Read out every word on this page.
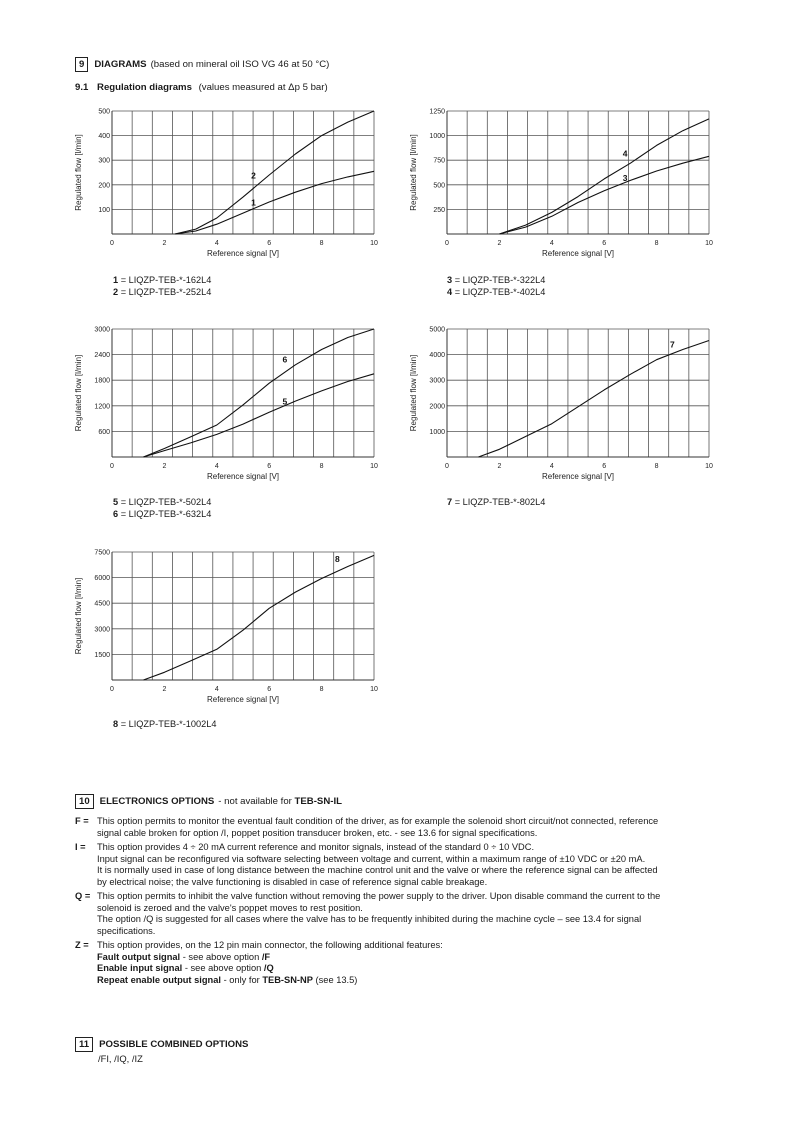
9	DIAGRAMS (based on mineral oil ISO VG 46 at 50 °C)
9.1 Regulation diagrams (values measured at Δp 5 bar)
100
200
300
400
500
0	2	4	6	8	10
Reference signal [V]
Regulated flow [l/min]	1
2
250
500
750
1000
1250
0	2	4	6	8	10
Reference signal [V]
Regulated flow [l/min]	3
4
600
1200
1800
2400
3000
0	2	4	6	8	10
Reference signal [V]
Regulated flow [l/min]	5
6
1000
2000
3000
4000
5000
0	2	4	6	8	10
Reference signal [V]
Regulated flow [l/min]
7
1500
3000
4500
6000
7500
0	2	4	6	8	10
Reference signal [V]
Regulated flow [l/min]
8
1 = LIQZP-TEB-*-162L4
2 = LIQZP-TEB-*-252L4
3 = LIQZP-TEB-*-322L4
4 = LIQZP-TEB-*-402L4
5 = LIQZP-TEB-*-502L4
6 = LIQZP-TEB-*-632L4
7 = LIQZP-TEB-*-802L4
8 = LIQZP-TEB-*-1002L4
10	ELECTRONICS OPTIONS - not available for TEB-SN-IL
F = This option permits to monitor the eventual fault condition of the driver, as for example the solenoid short circuit/not connected, reference
signal cable broken for option /I, poppet position transducer broken, etc. - see 13.6 for signal specifications.
I =	This option provides 4 ÷ 20 mA current reference and monitor signals, instead of the standard 0 ÷ 10 VDC.
Input signal can be reconfigured via software selecting between voltage and current, within a maximum range of ±10 VDC or ±20 mA.
It is normally used in case of long distance between the machine control unit and the valve or where the reference signal can be affected
by electrical noise; the valve functioning is disabled in case of reference signal cable breakage.
Q = This option permits to inhibit the valve function without removing the power supply to the driver. Upon disable command the current to the
solenoid is zeroed and the valve's poppet moves to rest position.
The option /Q is suggested for all cases where the valve has to be frequently inhibited during the machine cycle – see 13.4 for signal
specifications.
Z = This option provides, on the 12 pin main connector, the following additional features:
Fault output signal - see above option /F
Enable input signal - see above option /Q
Repeat enable output signal - only for TEB-SN-NP (see 13.5)
11	POSSIBLE COMBINED OPTIONS
/FI, /IQ, /IZ
